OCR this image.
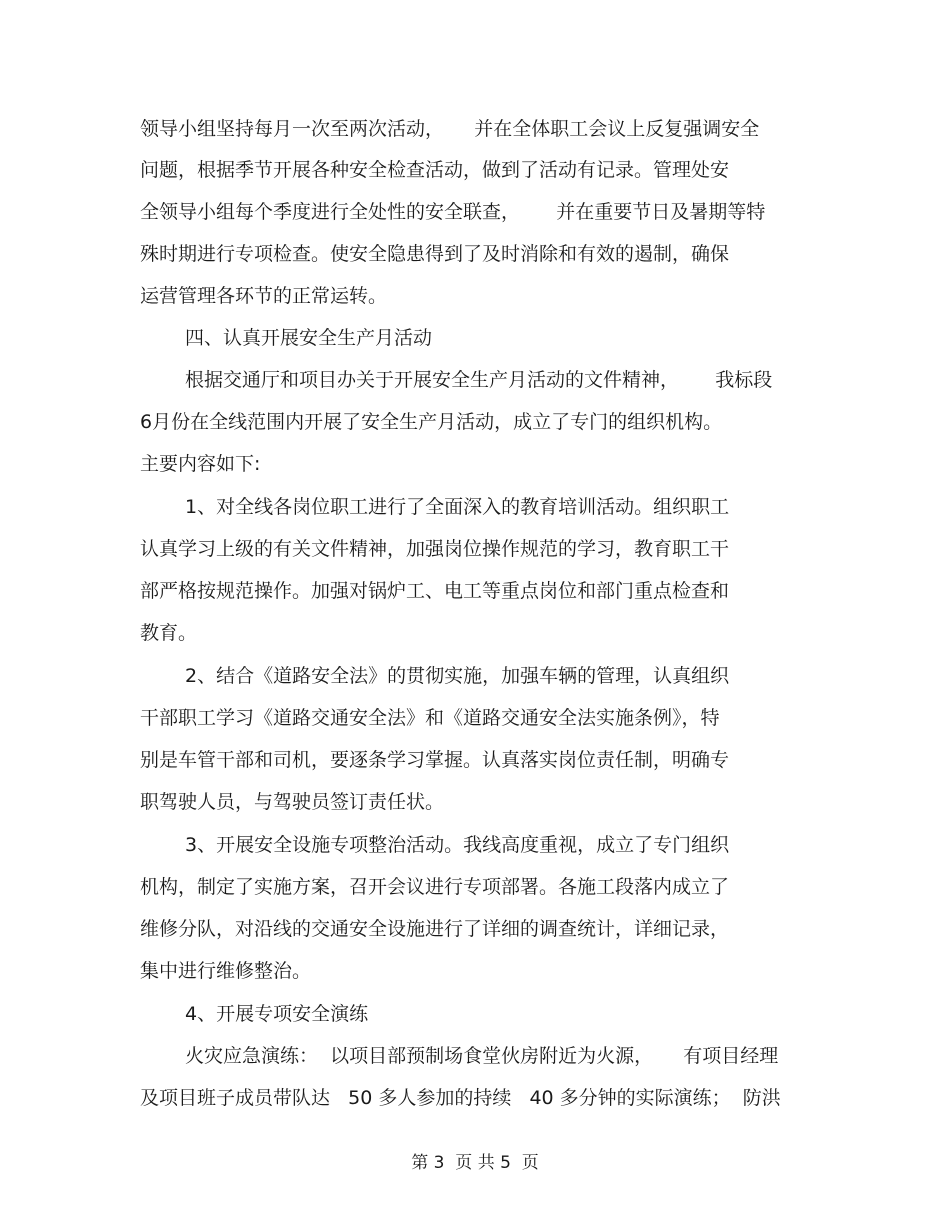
领导小组坚持每月一次至两次活动，     并在全体职工会议上反复强调安全
问题，根据季节开展各种安全检查活动，做到了活动有记录。管理处安
全领导小组每个季度进行全处性的安全联查，      并在重要节日及暑期等特
殊时期进行专项检查。使安全隐患得到了及时消除和有效的遏制，确保
运营管理各环节的正常运转。
四、认真开展安全生产月活动
根据交通厅和项目办关于开展安全生产月活动的文件精神，      我标段
6月份在全线范围内开展了安全生产月活动，成立了专门的组织机构。
主要内容如下:
1、对全线各岗位职工进行了全面深入的教育培训活动。组织职工
认真学习上级的有关文件精神，加强岗位操作规范的学习，教育职工干
部严格按规范操作。加强对锅炉工、电工等重点岗位和部门重点检查和
教育。
2、结合《道路安全法》的贯彻实施，加强车辆的管理，认真组织
干部职工学习《道路交通安全法》和《道路交通安全法实施条例》，特
别是车管干部和司机，要逐条学习掌握。认真落实岗位责任制，明确专
职驾驶人员，与驾驶员签订责任状。
3、开展安全设施专项整治活动。我线高度重视，成立了专门组织
机构，制定了实施方案，召开会议进行专项部署。各施工段落内成立了
维修分队，对沿线的交通安全设施进行了详细的调查统计，详细记录，
集中进行维修整治。
4、开展专项安全演练
火灾应急演练：  以项目部预制场食堂伙房附近为火源，     有项目经理
及项目班子成员带队达   50 多人参加的持续   40 多分钟的实际演练；  防洪
第 3  页 共 5  页
